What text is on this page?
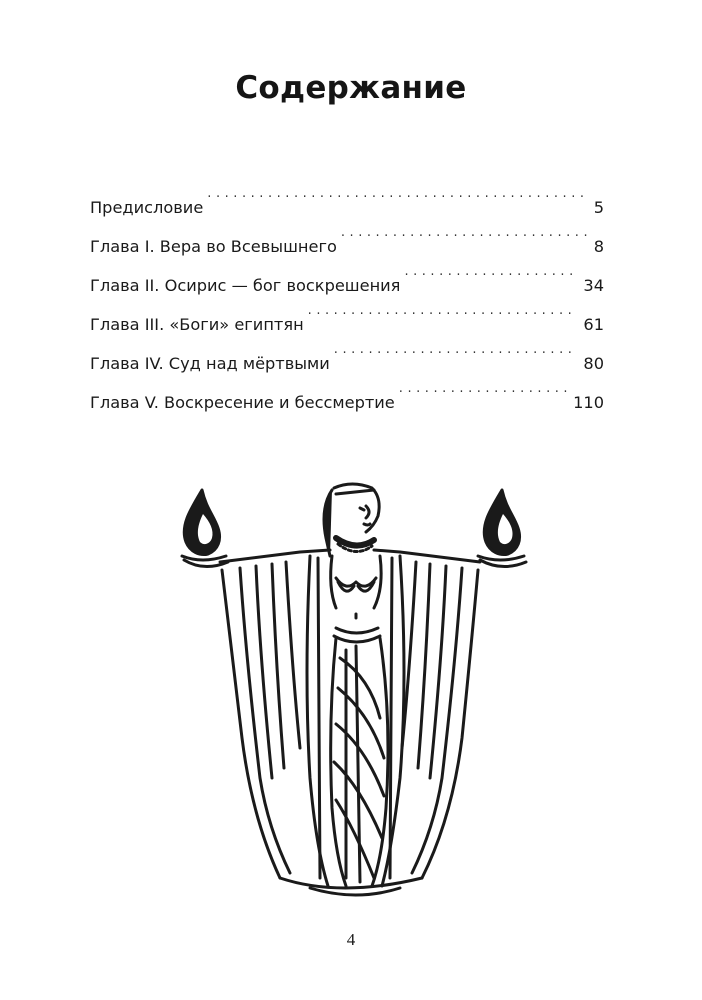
Содержание
Предисловие . . .	5
Глава I. Вера во Всевышнего . . .	8
Глава II. Осирис — бог воскрешения . . .	34
Глава III. «Боги» египтян . . .	61
Глава IV. Суд над мёртвыми . . .	80
Глава V. Воскресение и бессмертие . . .	110
4
